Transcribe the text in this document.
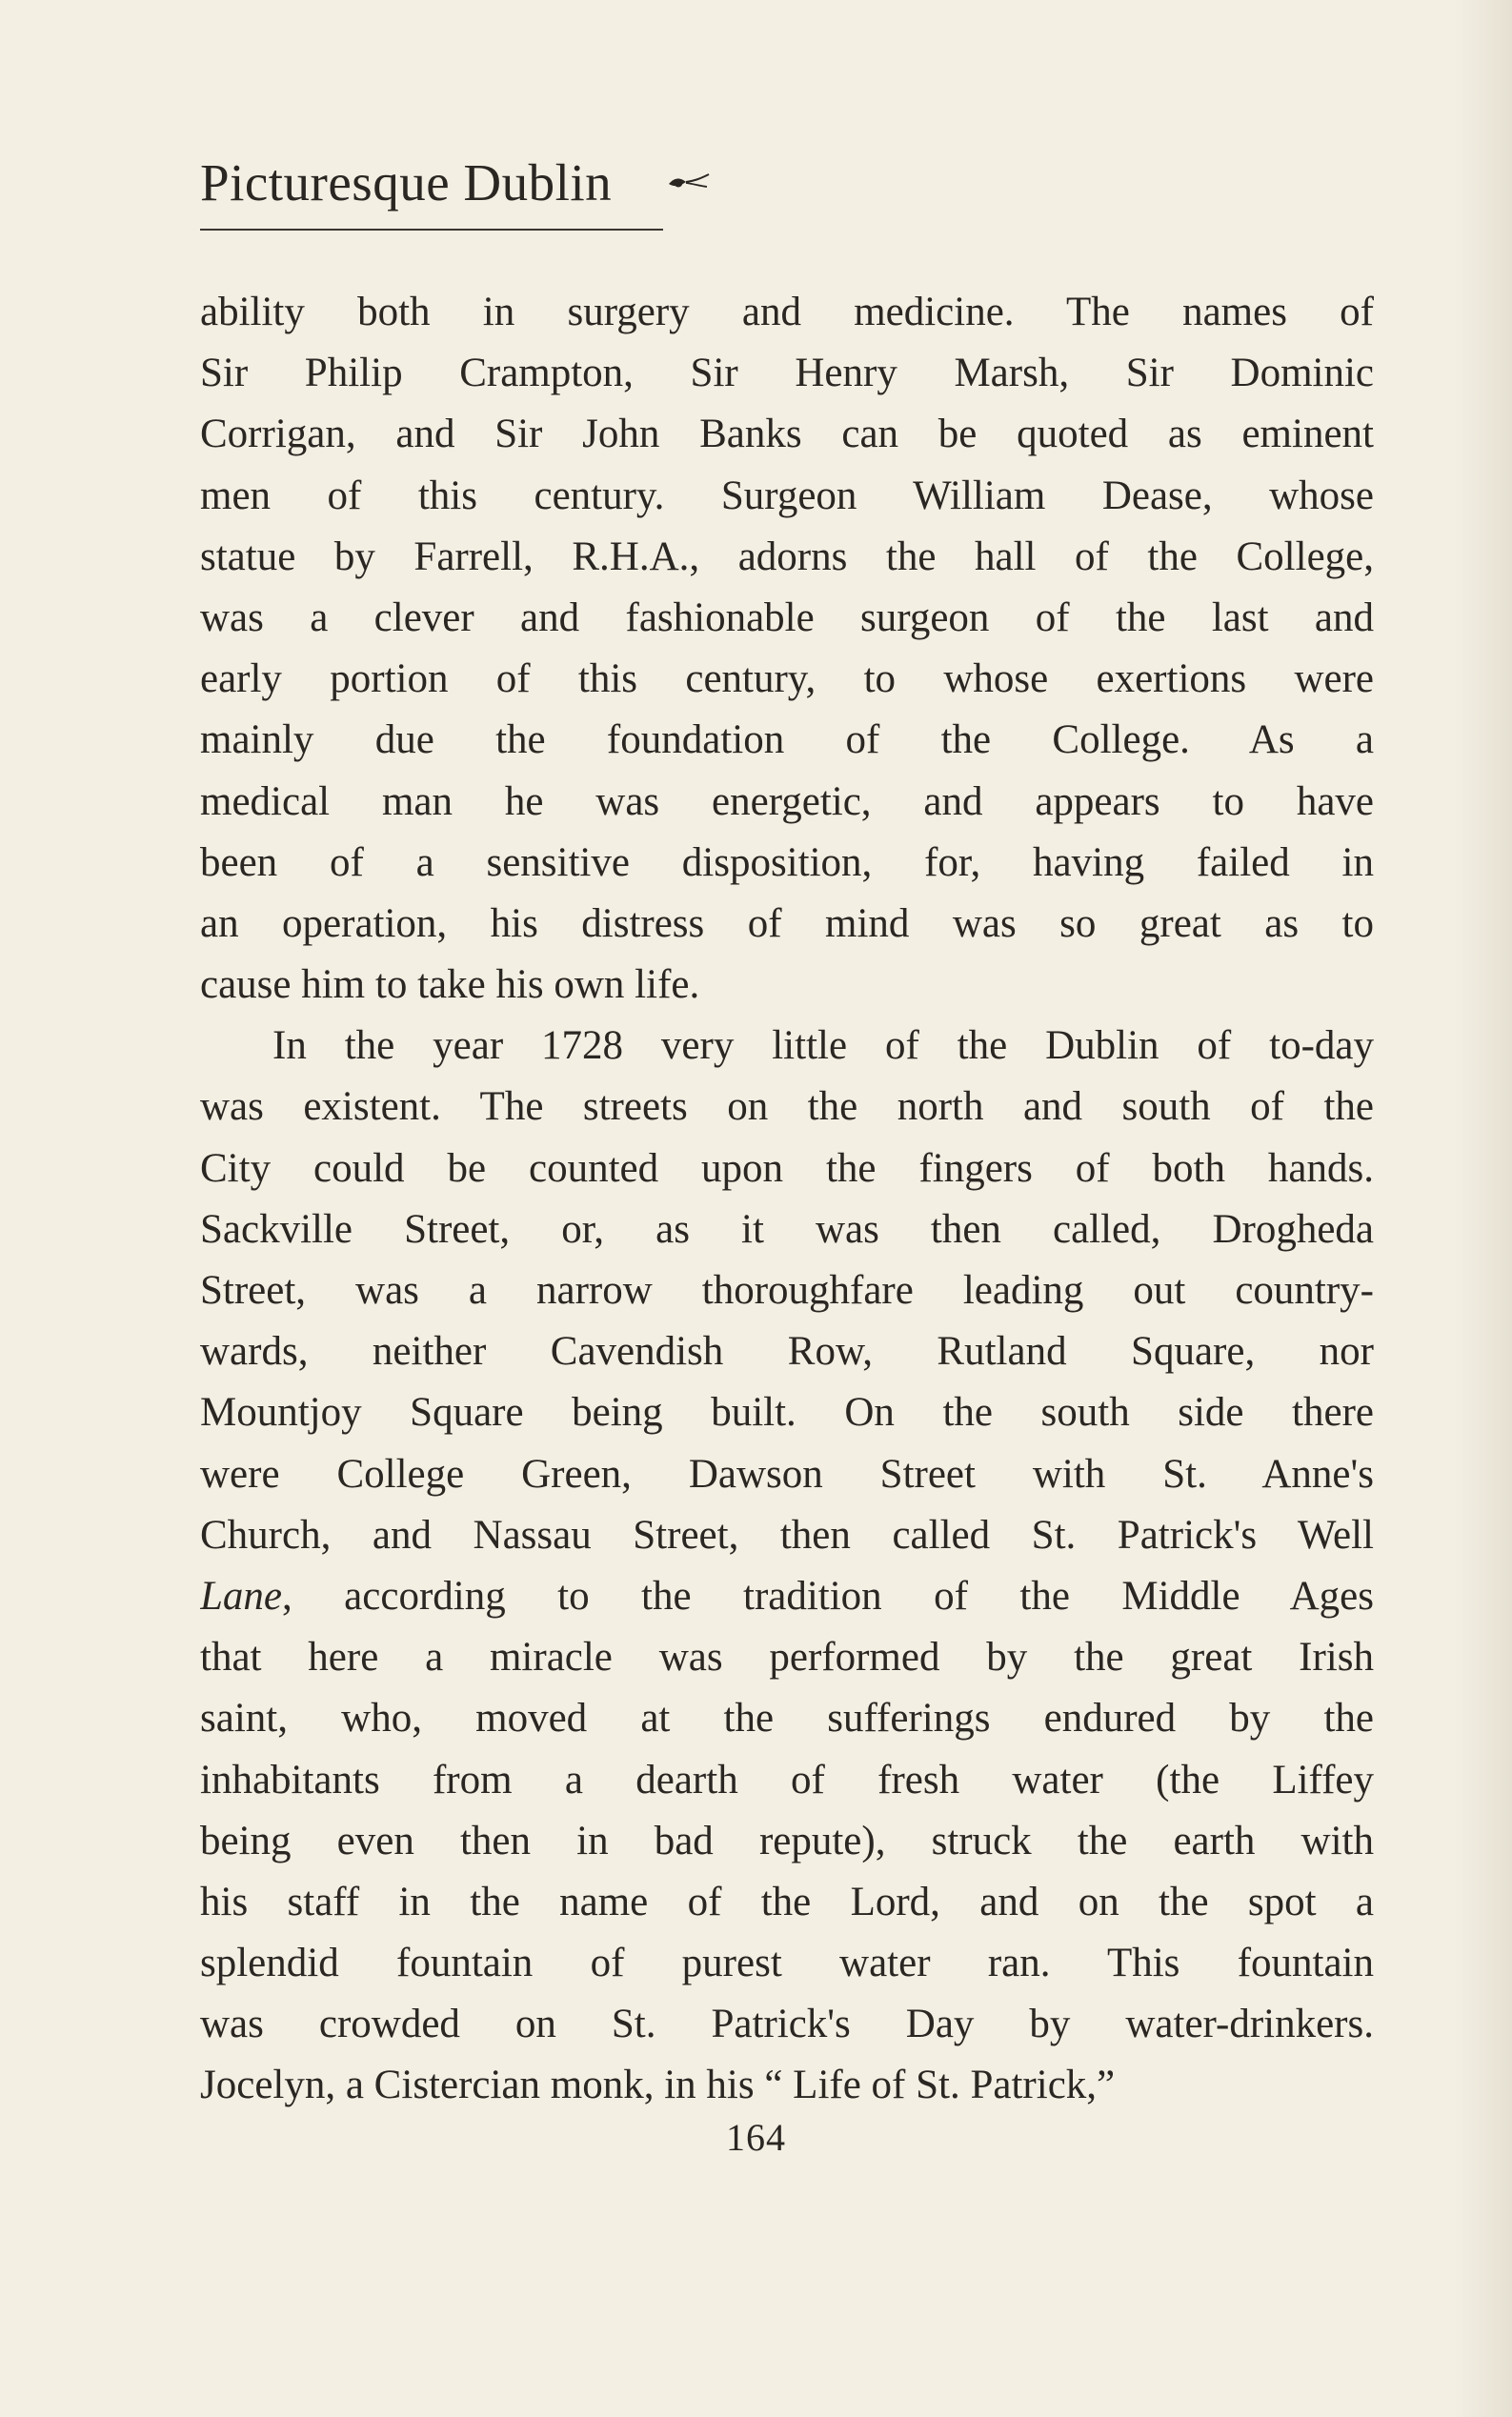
Picturesque Dublin
ability both in surgery and medicine. The names of
Sir Philip Crampton, Sir Henry Marsh, Sir Dominic
Corrigan, and Sir John Banks can be quoted as eminent
men of this century. Surgeon William Dease, whose
statue by Farrell, R.H.A., adorns the hall of the College,
was a clever and fashionable surgeon of the last and
early portion of this century, to whose exertions were
mainly due the foundation of the College. As a
medical man he was energetic, and appears to have
been of a sensitive disposition, for, having failed in
an operation, his distress of mind was so great as to
cause him to take his own life.
In the year 1728 very little of the Dublin of to-day
was existent. The streets on the north and south of the
City could be counted upon the fingers of both hands.
Sackville Street, or, as it was then called, Drogheda
Street, was a narrow thoroughfare leading out country-
wards, neither Cavendish Row, Rutland Square, nor
Mountjoy Square being built. On the south side there
were College Green, Dawson Street with St. Anne's
Church, and Nassau Street, then called St. Patrick's Well
Lane, according to the tradition of the Middle Ages
that here a miracle was performed by the great Irish
saint, who, moved at the sufferings endured by the
inhabitants from a dearth of fresh water (the Liffey
being even then in bad repute), struck the earth with
his staff in the name of the Lord, and on the spot a
splendid fountain of purest water ran. This fountain
was crowded on St. Patrick's Day by water-drinkers.
Jocelyn, a Cistercian monk, in his “ Life of St. Patrick,”
164
